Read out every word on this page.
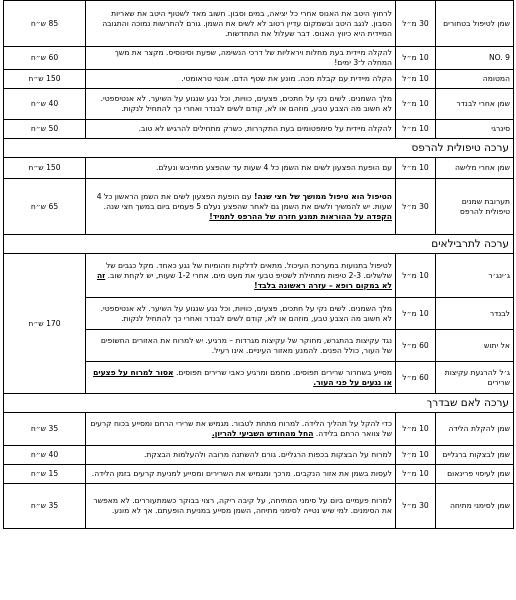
שמן לטיפול בטחורים	30 מ״ל	לרחוץ היטב את האנוס אחרי כל יציאה, במים וסבון. חשוב מאד לשטוף היטב את שאריות הסבון. לנגב היטב ובשמקום עדיין רטוב לא לשים את השמן. גורם להתרשות נמוכה והתגובה המיידית היא כיווץ האנוס. דבר שעלול את התחדשות.	85 ש״ח
NO. 9	10 מ״ל	להקלה מיידית בעת מחלות ויראליות של דרכי הנשימה, שפעת וסינוסיס. מקצר את משך המחלה ל־3 ימים!	60 ש״ח
המטומה	10 מ״ל	הקלה מיידית עם קבלת מכה. מונע את שטף הדם. אנטי טראומטי.	150 ש״ח
שמן אחרי לבנדר	10 מ״ל	מלך השמנים. לשים נקי על חתכים, פצעים, כוויות, וכל נגע שנגוע על השיער. לא אנטיספטי. לא חשוב מה הצבע טבע, מוזהם או לא, קודם לשים לבנדר ואחרי כך להתחיל לנקות.	40 ש״ח
סינרגי	10 מ״ל	להקלה מיידית על סימפטומים בעת התקררות, כשרק מתחילים להרגיש לא טוב.	50 ש״ח
ערכה טיפולית להרפס			
שמן אחרי מלישה	10 מ״ל	עם הופעת הפצעון לשים את השמן כל 4 שעות עד שהפצע מתייבש ונעלם.	150 ש״ח
תערובת שמנים טיפולית להרפס	30 מ״ל	הטיפול הוא טיפול ממושך של חצי שנה! עם הופעת הפצעון לשים את השמן הראשון כל 4 שעות. יש להמשיך ולשים את השמן גם לאחר שהפצע נעלם 5 פעמים ביום במשך חצי שנה. הקפדה על ההוראות תמנע חזרה של ההרפס לתמיד!	65 ש״ח
ערכה לתרבילאים			
ג׳ינג׳ר	10 מ״ל	לטיפול בתנועות במערכת העיכול. מתאים לדלקות וזהומיות של נגע כאחד. מקל כגבים של שלשלים. 2-3 טיפות מתחילת לשטיפ טבעי את מעט מים. אחרי 1-2 שעות, יש לקחת שוב. זה לא במקום רופא – עזרה ראשונה בלבד!	170 ש״ח
לבנדר	10 מ״ל	מלך השמנים. לשים נקי על חתכים, פצעים, כוויות, וכל נגע שנגוע על השיער. לא אנטיספטי. לא חשוב מה הצבע טבע, מוזהם או לא, קודם לשים לבנדר ואחרי כך להתחיל לנקות.	
אל יתוש	60 מ״ל	נגד עקיצות בהתגרש, מחוקר של עקיצות מגרדות – מרגיע. יש למרוח את האזורים החשופים של העור, כולל הפנים. להמנע מאזור העיניים. אינו רעיל.	
ג׳ל להרגעת עקיצות שרירים	60 מ״ל	מסייע בשחרור שרירים תפוסים. מחמם ומרגיע כאבי שרירים תפוסים. אסור למרוח על פצעים או נגעים על פני העור.	
ערכה לאם שבדרך			
שמן להקלת הלידה	10 מ״ל	כדי להקל על תהליך הלידה. למרוח מתחת לטבור. מגמיש את שרירי הרחם ומסייע בכוח קרעים של צוואר הרחם בלידה. החל מהחודש השביעי להריון.	35 ש״ח
שמן לבצקות ברגליים	10 מ״ל	למרוח על הבצקות בכפות הרגליים. גורם להשתנה מרובה ולהעלמות הבצקת.	40 ש״ח
שמן לעיסוי פרינאום	10 מ״ל	לעסות בשמן את אזור הנקבים. מרכך ומגמיש את השרירים ומסייע למניעת קרעים בזמן הלידה.	15 ש״ח
שמן לסימני מתיחה	30 מ״ל	למרוח פעמיים ביום על סימני המתיחה, על קיבה ריקה, רצוי בבוקר כשמתעוררים. לא מאפשר את הסימנים. למי שיש נטייה לסימני מתיחה, השמן מסייע במניעת הופעתם. אך לא מונע.	35 ש״ח
